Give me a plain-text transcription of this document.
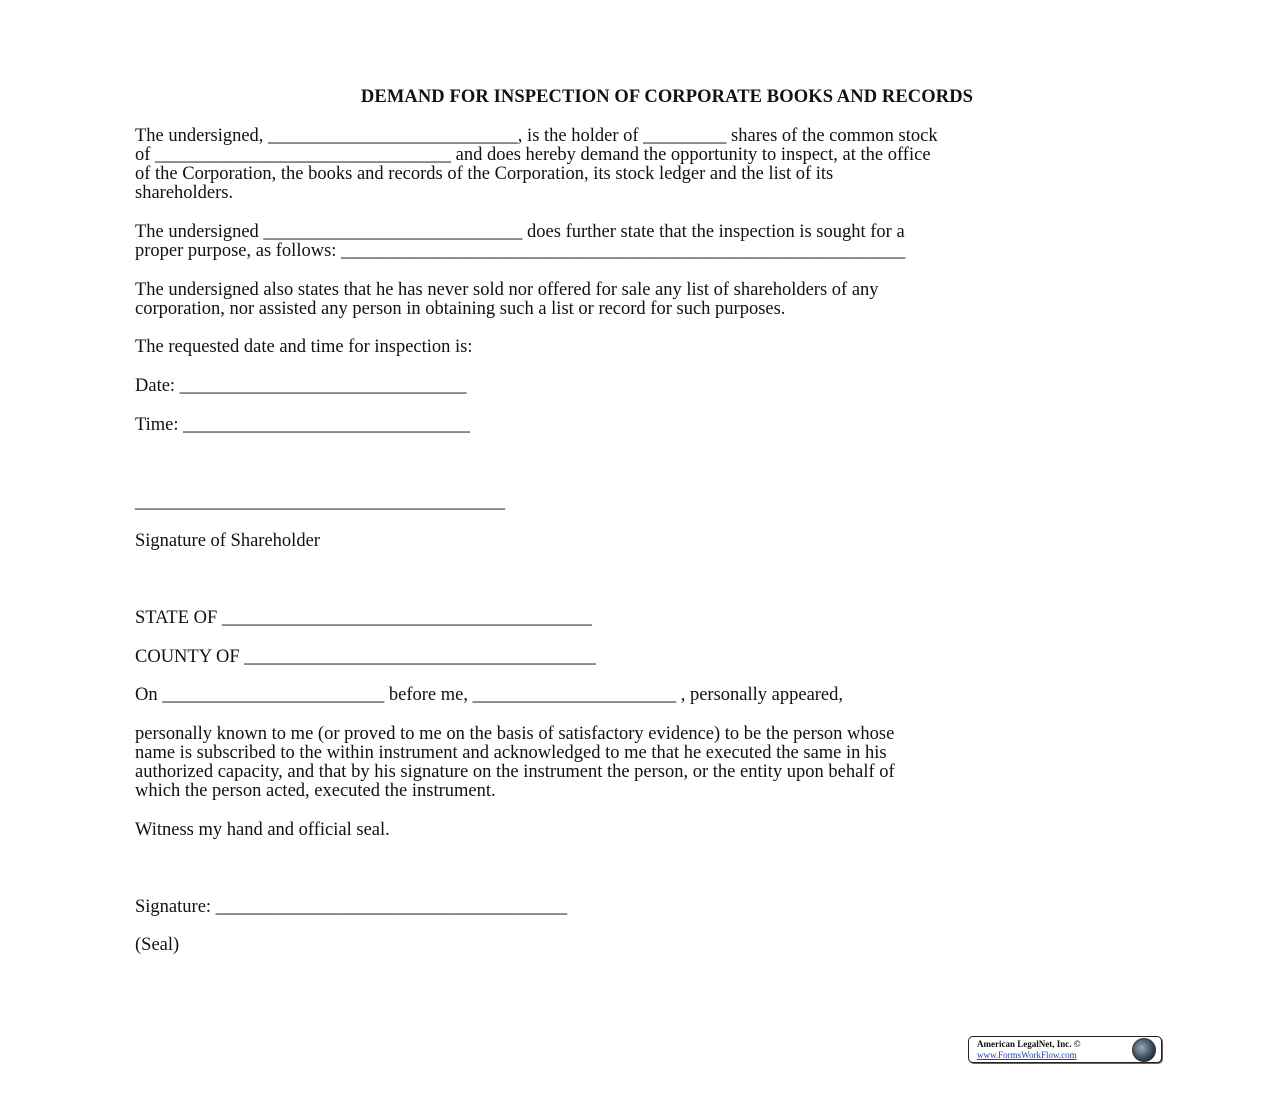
DEMAND FOR INSPECTION OF CORPORATE BOOKS AND RECORDS
The undersigned, ___________________________, is the holder of _________ shares of the common stock
of ________________________________ and does hereby demand the opportunity to inspect, at the office
of the Corporation, the books and records of the Corporation, its stock ledger and the list of its
shareholders.
The undersigned ____________________________ does further state that the inspection is sought for a
proper purpose, as follows: _____________________________________________________________
The undersigned also states that he has never sold nor offered for sale any list of shareholders of any
corporation, nor assisted any person in obtaining such a list or record for such purposes.
The requested date and time for inspection is:
Date: _______________________________
Time: _______________________________
________________________________________
Signature of Shareholder
STATE OF ________________________________________
COUNTY OF ______________________________________
On ________________________ before me, ______________________ , personally appeared,
personally known to me (or proved to me on the basis of satisfactory evidence) to be the person whose
name is subscribed to the within instrument and acknowledged to me that he executed the same in his
authorized capacity, and that by his signature on the instrument the person, or the entity upon behalf of
which the person acted, executed the instrument.
Witness my hand and official seal.
Signature: ______________________________________
(Seal)
American LegalNet, Inc. ©
www.FormsWorkFlow.com
